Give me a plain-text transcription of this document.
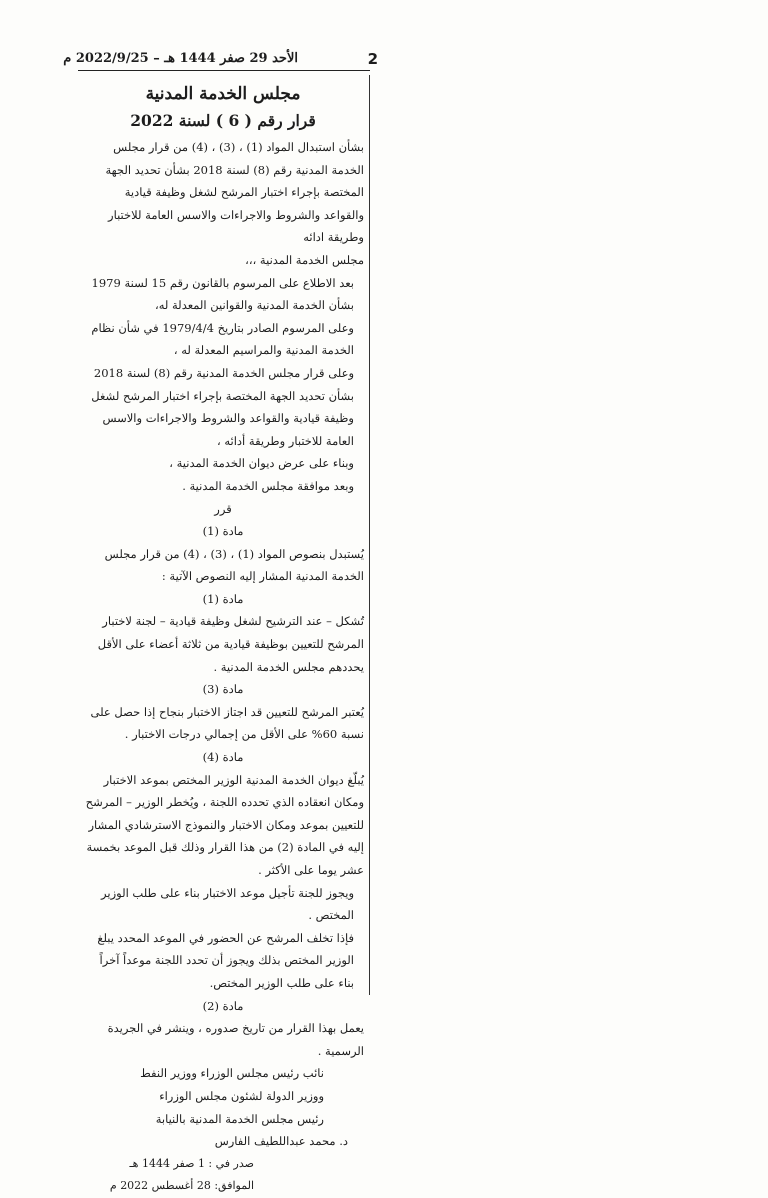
2
الأحد 29 صفر 1444 هـ – 2022/9/25 م

مجلس الخدمة المدنية

قرار رقم ( 6 ) لسنة 2022

بشأن استبدال المواد (1) ، (3) ، (4) من قرار مجلس الخدمة المدنية رقم (8) لسنة 2018 بشأن تحديد الجهة المختصة بإجراء اختبار المرشح لشغل وظيفة قيادية والقواعد والشروط والاجراءات والاسس العامة للاختبار وطريقة ادائه

مجلس الخدمة المدنية ،،،

بعد الاطلاع على المرسوم بالقانون رقم 15 لسنة 1979 بشأن الخدمة المدنية والقوانين المعدلة له،

وعلى المرسوم الصادر بتاريخ 1979/4/4 في شأن نظام الخدمة المدنية والمراسيم المعدلة له ،

وعلى قرار مجلس الخدمة المدنية رقم (8) لسنة 2018 بشأن تحديد الجهة المختصة بإجراء اختبار المرشح لشغل وظيفة قيادية والقواعد والشروط والاجراءات والاسس العامة للاختبار وطريقة أدائه ،

وبناء على عرض ديوان الخدمة المدنية ،

وبعد موافقة مجلس الخدمة المدنية .

قرر

مادة (1)

يُستبدل بنصوص المواد (1) ، (3) ، (4) من قرار مجلس الخدمة المدنية المشار إليه النصوص الآتية :

مادة (1)

تُشكل – عند الترشيح لشغل وظيفة قيادية – لجنة لاختبار المرشح للتعيين بوظيفة قيادية من ثلاثة أعضاء على الأقل يحددهم مجلس الخدمة المدنية .

مادة (3)

يُعتبر المرشح للتعيين قد اجتاز الاختبار بنجاح إذا حصل على نسبة 60% على الأقل من إجمالي درجات الاختبار .

مادة (4)

يُبلّغ ديوان الخدمة المدنية الوزير المختص بموعد الاختبار ومكان انعقاده الذي تحدده اللجنة ، ويُخطر الوزير – المرشح للتعيين بموعد ومكان الاختبار والنموذج الاسترشادي المشار إليه في المادة (2) من هذا القرار وذلك قبل الموعد بخمسة عشر يوما على الأكثر .

ويجوز للجنة تأجيل موعد الاختبار بناء على طلب الوزير المختص .

فإذا تخلف المرشح عن الحضور في الموعد المحدد يبلغ الوزير المختص بذلك ويجوز أن تحدد اللجنة موعداً آخراً بناء على طلب الوزير المختص.

مادة (2)

يعمل بهذا القرار من تاريخ صدوره ، وينشر في الجريدة الرسمية .

نائب رئيس مجلس الوزراء ووزير النفط

ووزير الدولة لشئون مجلس الوزراء

رئيس مجلس الخدمة المدنية بالنيابة

د. محمد عبداللطيف الفارس

صدر في : 1 صفر 1444 هـ

الموافق: 28 أغسطس 2022 م
